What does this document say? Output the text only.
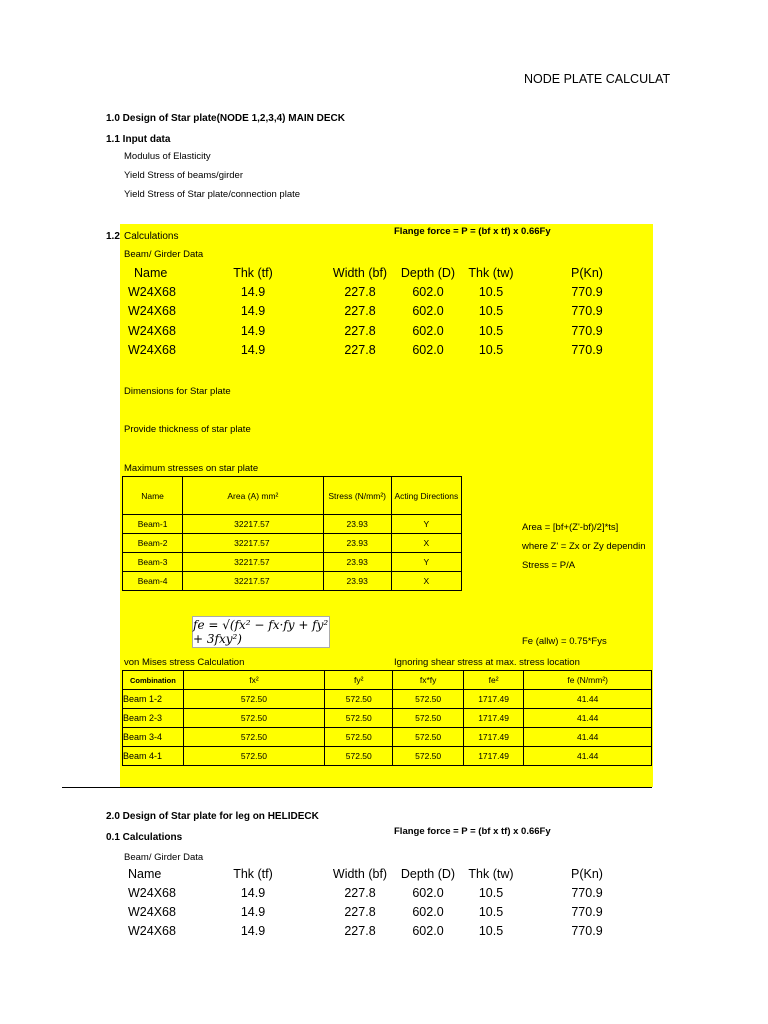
NODE PLATE CALCULAT
1.0 Design of Star plate(NODE 1,2,3,4) MAIN DECK
1.1 Input data
Modulus of Elasticity
Yield Stress of beams/girder
Yield Stress of Star plate/connection plate
1.2 Calculations	Flange force = P = (bf x tf) x 0.66Fy
Beam/ Girder Data
Name	Thk (tf)	Width (bf)	Depth (D)	Thk (tw)	P(Kn)
W24X68	14.9	227.8	602.0	10.5	770.9
W24X68	14.9	227.8	602.0	10.5	770.9
W24X68	14.9	227.8	602.0	10.5	770.9
W24X68	14.9	227.8	602.0	10.5	770.9
Dimensions for Star plate
Provide thickness of star plate
Maximum stresses on star plate
Name	Area (A) mm²	Stress (N/mm²)	Acting Directions
Beam-1	32217.57	23.93	Y
Beam-2	32217.57	23.93	X
Beam-3	32217.57	23.93	Y
Beam-4	32217.57	23.93	X
Area = [bf+(Z'-bf)/2]*ts]
where Z' = Zx or Zy dependin
Stress = P/A
fe = √(fx² − fx·fy + fy² + 3fxy²)	Fe (allw) = 0.75*Fys
von Mises stress Calculation	Ignoring shear stress at max. stress location
Combination	fx²	fy²	fx*fy	fe²	fe (N/mm²)
Beam 1-2	572.50	572.50	572.50	1717.49	41.44
Beam 2-3	572.50	572.50	572.50	1717.49	41.44
Beam 3-4	572.50	572.50	572.50	1717.49	41.44
Beam 4-1	572.50	572.50	572.50	1717.49	41.44
2.0 Design of Star plate for leg on HELIDECK
0.1 Calculations
Flange force = P = (bf x tf) x 0.66Fy
Beam/ Girder Data
Name	Thk (tf)	Width (bf)	Depth (D)	Thk (tw)	P(Kn)
W24X68	14.9	227.8	602.0	10.5	770.9
W24X68	14.9	227.8	602.0	10.5	770.9
W24X68	14.9	227.8	602.0	10.5	770.9
